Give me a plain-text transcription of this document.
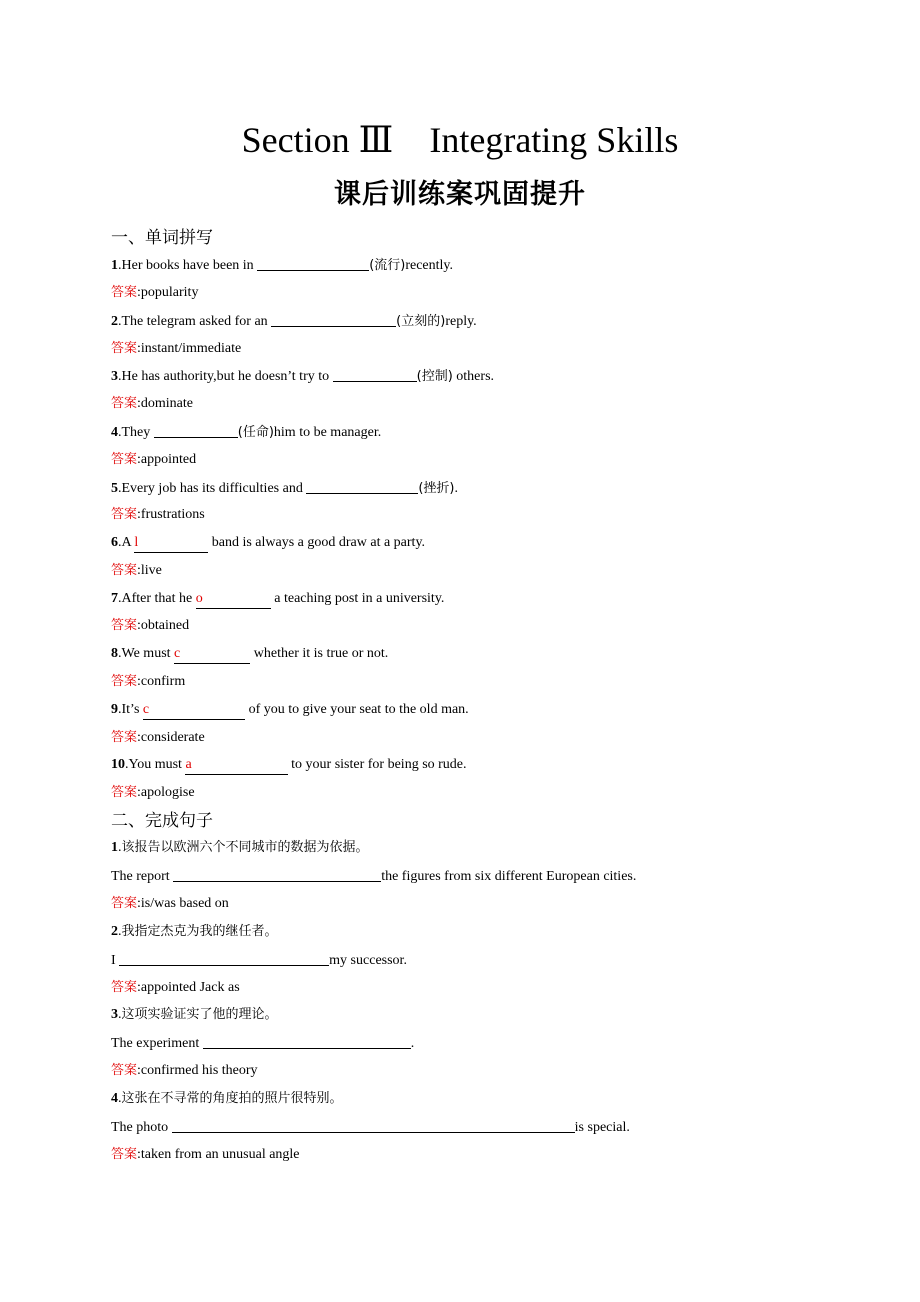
Section Ⅲ    Integrating Skills
课后训练案巩固提升
一、单词拼写
1.Her books have been in	(流行)recently.
答案:popularity
2.The telegram asked for an	(立刻的)reply.
答案:instant/immediate
3.He has authority,but he doesn’t try to	(控制) others.
答案:dominate
4.They	(任命)him to be manager.
答案:appointed
5.Every job has its difficulties and	(挫折).
答案:frustrations
6.A l	band is always a good draw at a party.
答案:live
7.After that he o	a teaching post in a university.
答案:obtained
8.We must c	whether it is true or not.
答案:confirm
9.It’s c	of you to give your seat to the old man.
答案:considerate
10.You must a	to your sister for being so rude.
答案:apologise
二、完成句子
1.该报告以欧洲六个不同城市的数据为依据。
The report	the figures from six different European cities.
答案:is/was based on
2.我指定杰克为我的继任者。
I	my successor.
答案:appointed Jack as
3.这项实验证实了他的理论。
The experiment	.
答案:confirmed his theory
4.这张在不寻常的角度拍的照片很特别。
The photo	is special.
答案:taken from an unusual angle
